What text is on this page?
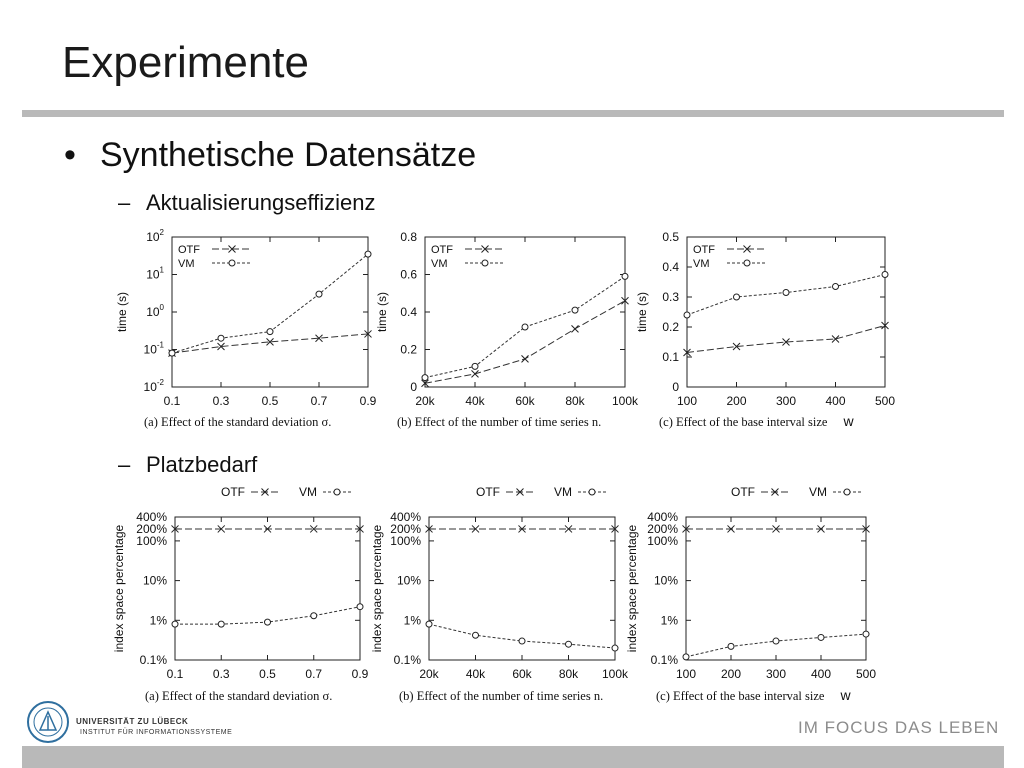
Experimente
• Synthetische Datensätze
– Aktualisierungseffizienz
– Platzbedarf
$10^2$
$10^1$
$10^0$
$10^{-1}$
$10^{-2}$
0.1	0.3	0.5	0.7	0.9
time (s)
OTF
VM
(a) Effect of the standard deviation σ.
0
0.2
0.4
0.6
0.8
20k	40k	60k	80k 100k
time (s)
OTF
VM
(b) Effect of the number of time series n.
0
0.1
0.2
0.3
0.4
0.5
100 200 300 400 500
time (s)
OTF
VM
(c) Effect of the base interval size w
400%
200%
100%
10%
1%
0.1%
0.1 0.3 0.5 0.7 0.9
index space percentage
OTF	VM
(a) Effect of the standard deviation σ.
400%
200%
100%
10%
1%
0.1%
20k 40k 60k 80k 100k
index space percentage
OTF	VM
(b) Effect of the number of time series n.
400%
200%
100%
10%
1%
0.1%
100 200 300 400 500
index space percentage
OTF	VM
(c) Effect of the base interval size w
UNIVERSITÄT ZU LÜBECK
INSTITUT FÜR INFORMATIONSSYSTEME	IM FOCUS DAS LEBEN
